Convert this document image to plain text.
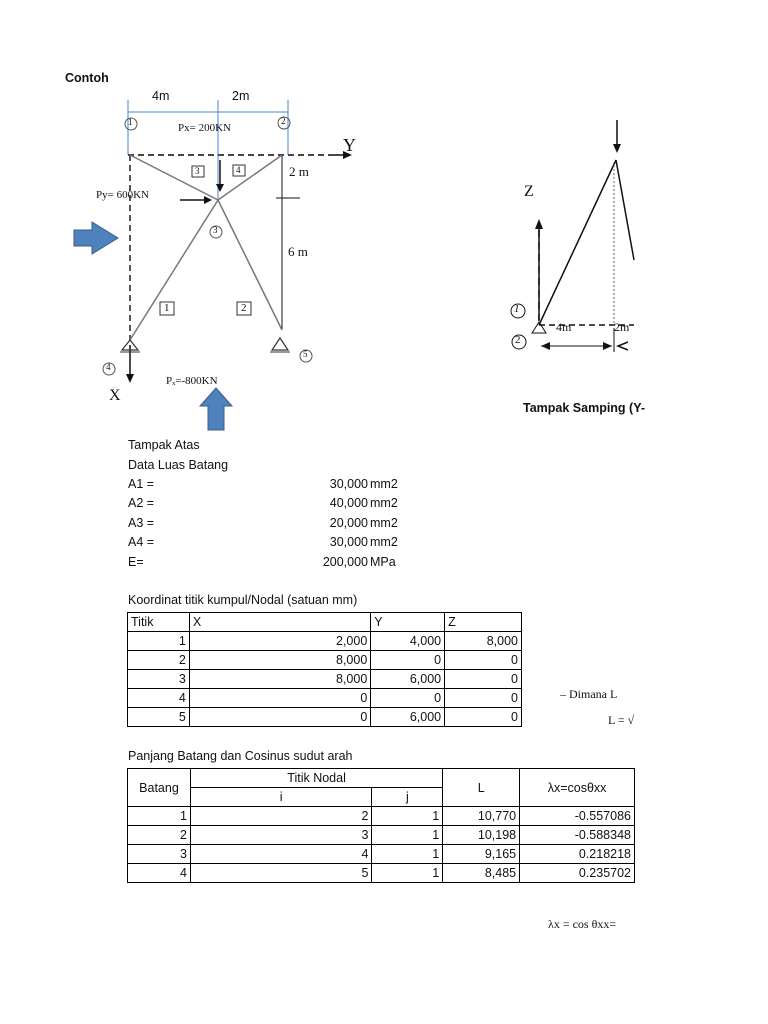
Contoh
4m	2m
Px= 200KN
Py= 600KN
Pₓ=-800KN
Y
X
2 m
6 m
1	2
3
4
5
3	4
1	2
Z
4m	2m
1
2
Tampak Samping (Y-
Tampak Atas
Data Luas Batang
A1 =	30,000 mm2
A2 =	40,000 mm2
A3 =	20,000 mm2
A4 =	30,000 mm2
E=	200,000 MPa
Koordinat titik kumpul/Nodal (satuan mm)
Titik	X	Y	Z
1	2,000	4,000	8,000
2	8,000	0	0
3	8,000	6,000	0
4	0	0	0
5	0	6,000	0
– Dimana L
L = √
Panjang Batang dan Cosinus sudut arah
Batang	Titik Nodal		L	λx=cosθxx
	i	j		
1	2	1	10,770	-0.557086
2	3	1	10,198	-0.588348
3	4	1	9,165	0.218218
4	5	1	8,485	0.235702
λx = cos θxx=
